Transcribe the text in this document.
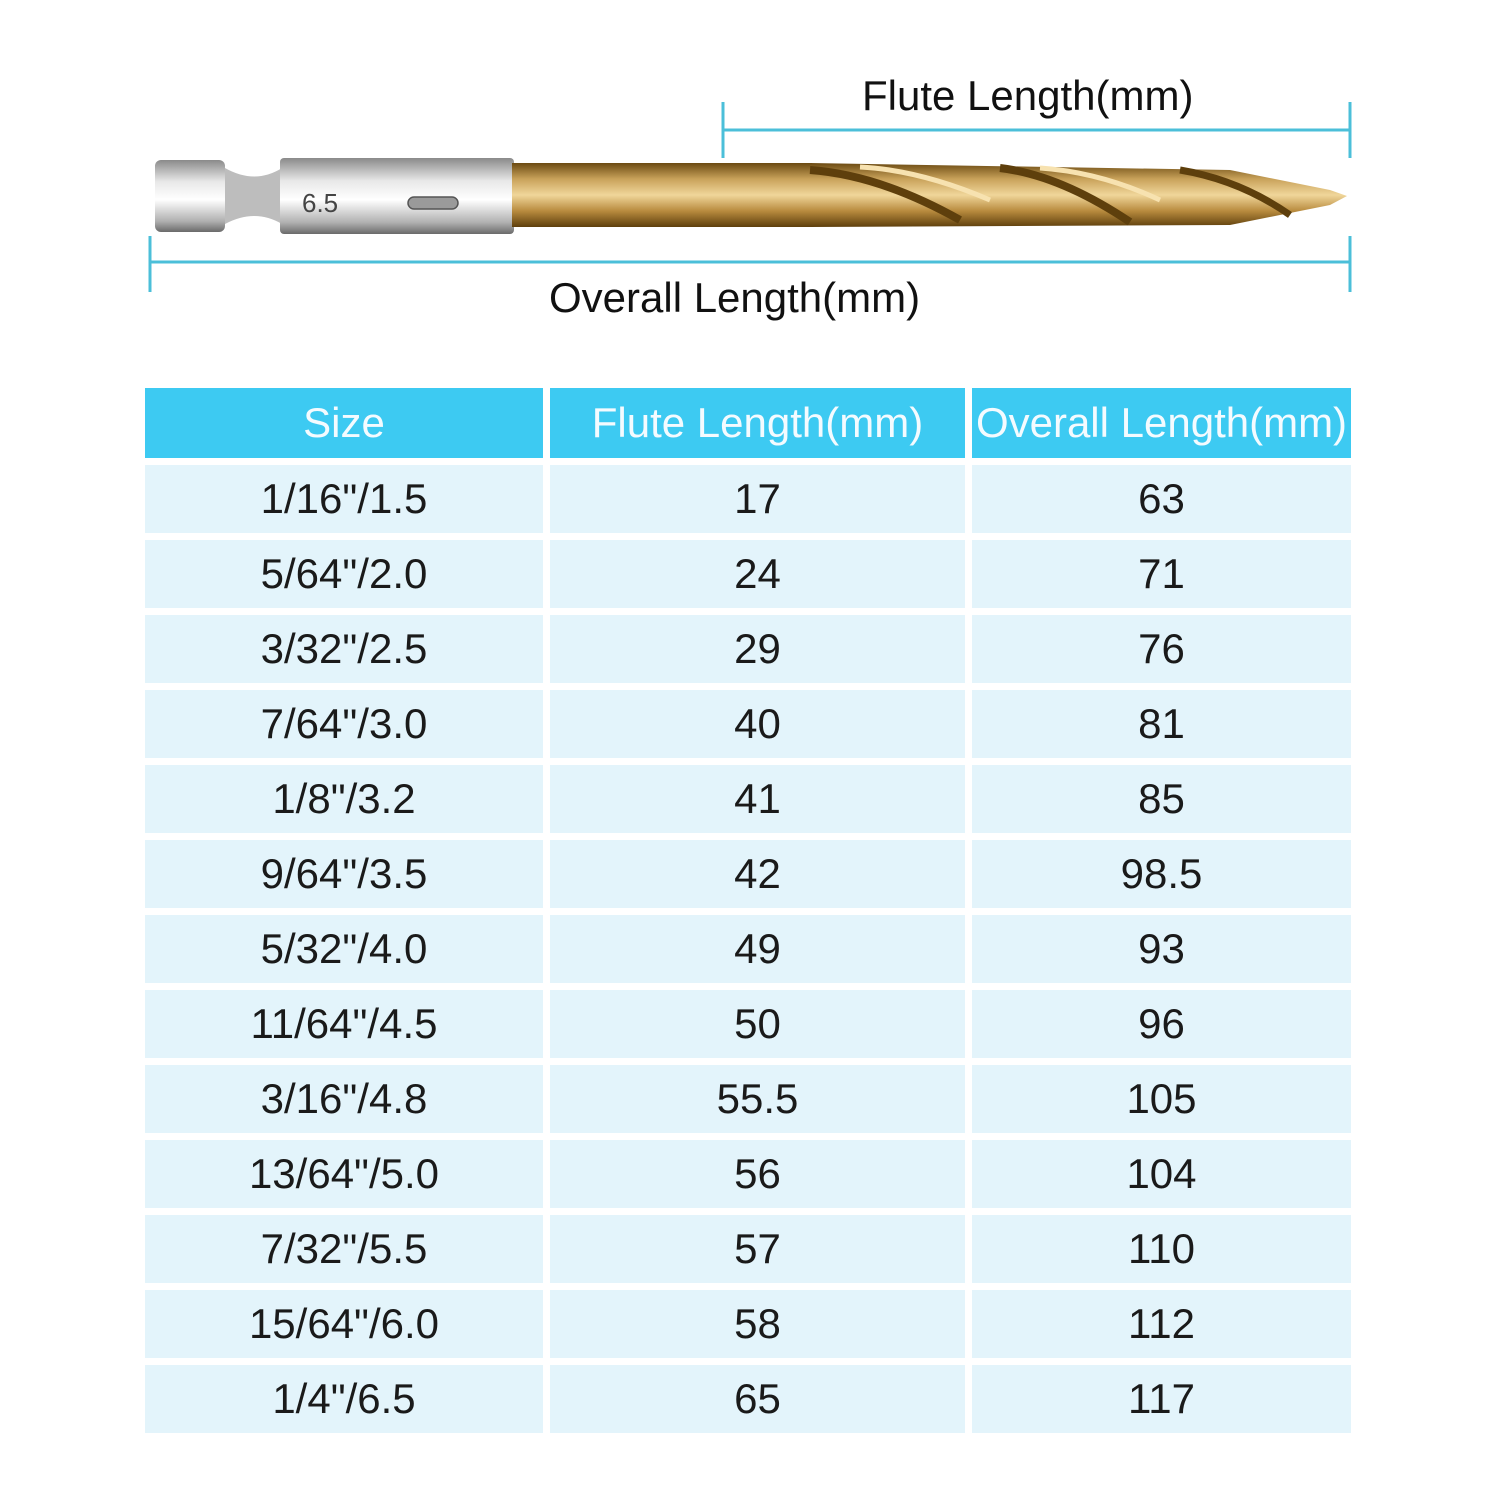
6.5
Flute Length(mm)
Overall Length(mm)
Size	Flute Length(mm)	Overall Length(mm)
1/16"/1.5	17	63
5/64"/2.0	24	71
3/32"/2.5	29	76
7/64"/3.0	40	81
1/8"/3.2	41	85
9/64"/3.5	42	98.5
5/32"/4.0	49	93
11/64"/4.5	50	96
3/16"/4.8	55.5	105
13/64"/5.0	56	104
7/32"/5.5	57	110
15/64"/6.0	58	112
1/4"/6.5	65	117
